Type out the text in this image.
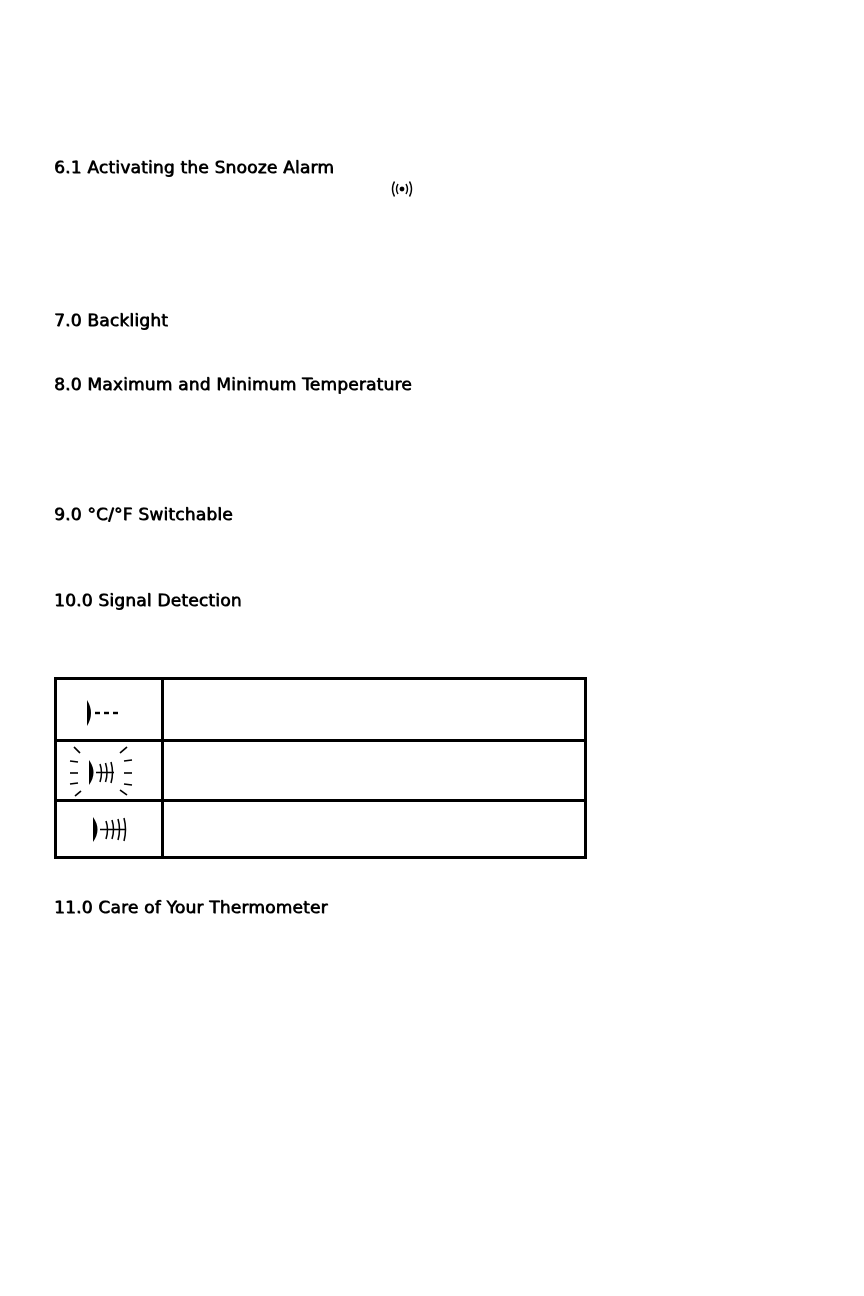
6.1 Activating the Snooze Alarm
7.0 Backlight
8.0 Maximum and Minimum Temperature
9.0 °C/°F Switchable
10.0 Signal Detection
11.0 Care of Your Thermometer
